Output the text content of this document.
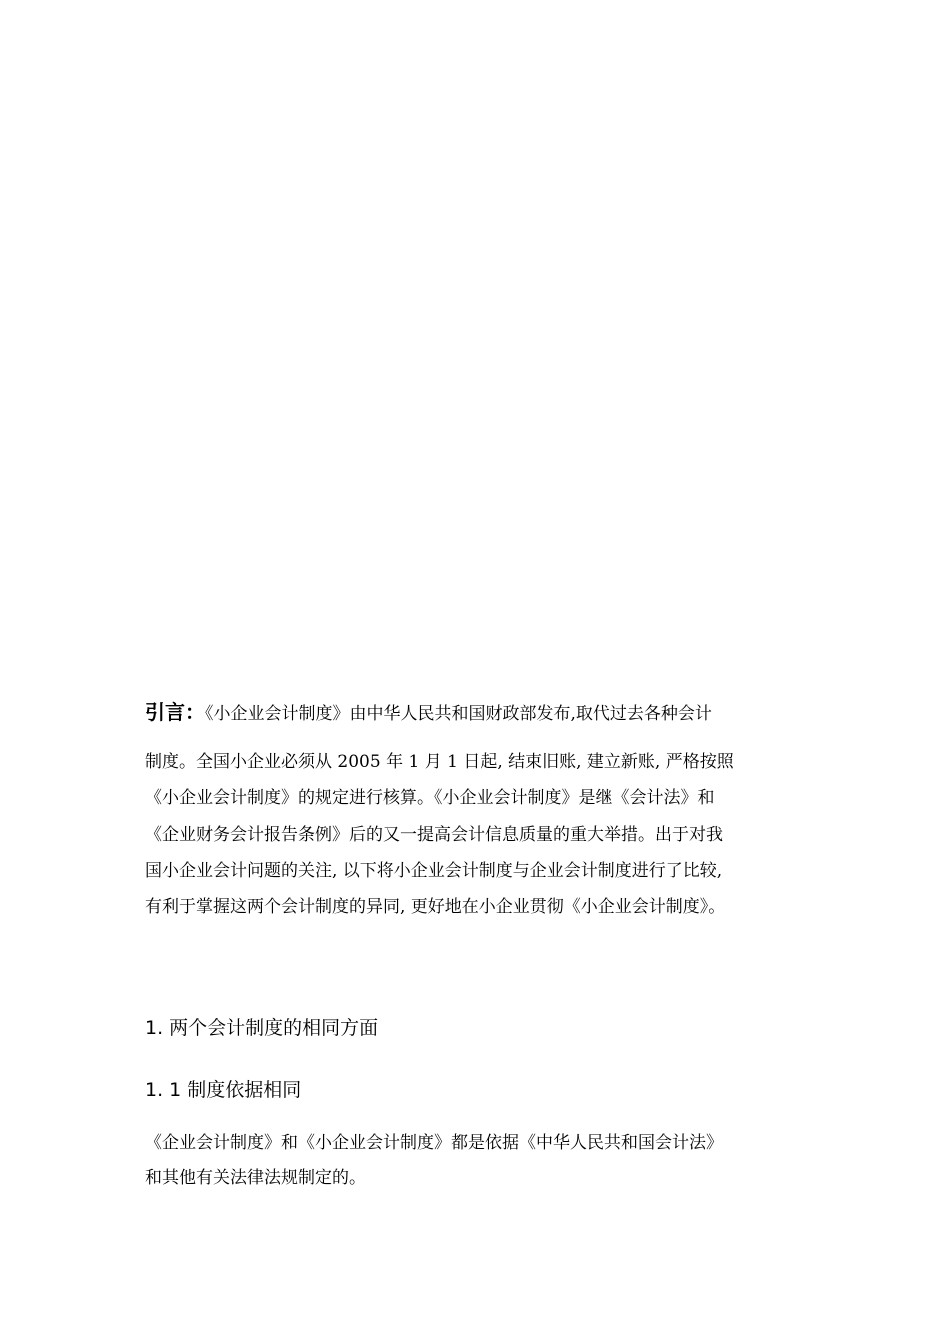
引言：《小企业会计制度》由中华人民共和国财政部发布,取代过去各种会计
制度。全国小企业必须从 2005 年 1 月 1 日起, 结束旧账, 建立新账, 严格按照
《小企业会计制度》的规定进行核算。《小企业会计制度》是继《会计法》和
《企业财务会计报告条例》后的又一提高会计信息质量的重大举措。出于对我
国小企业会计问题的关注, 以下将小企业会计制度与企业会计制度进行了比较,
有利于掌握这两个会计制度的异同, 更好地在小企业贯彻《小企业会计制度》。
1. 两个会计制度的相同方面
1. 1 制度依据相同
《企业会计制度》和《小企业会计制度》都是依据《中华人民共和国会计法》
和其他有关法律法规制定的。
